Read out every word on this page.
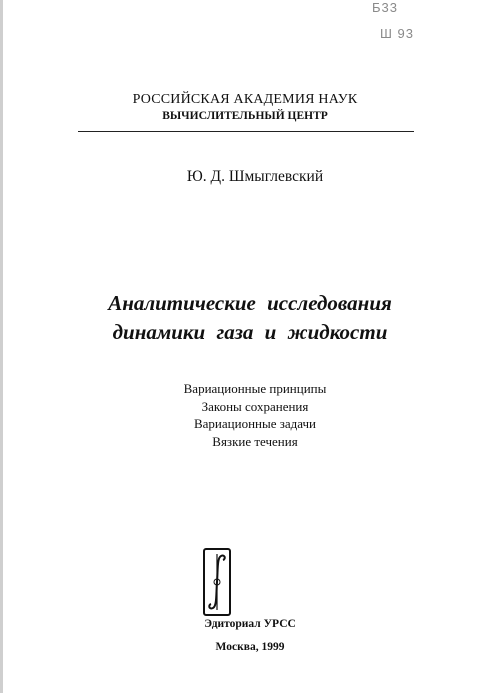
Б33
Ш 93
РОССИЙСКАЯ АКАДЕМИЯ НАУК
ВЫЧИСЛИТЕЛЬНЫЙ ЦЕНТР
Ю. Д. Шмыглевский
Аналитические исследования
динамики газа и жидкости
Вариационные принципы
Законы сохранения
Вариационные задачи
Вязкие течения
Эдиториал УРСС
Москва, 1999
